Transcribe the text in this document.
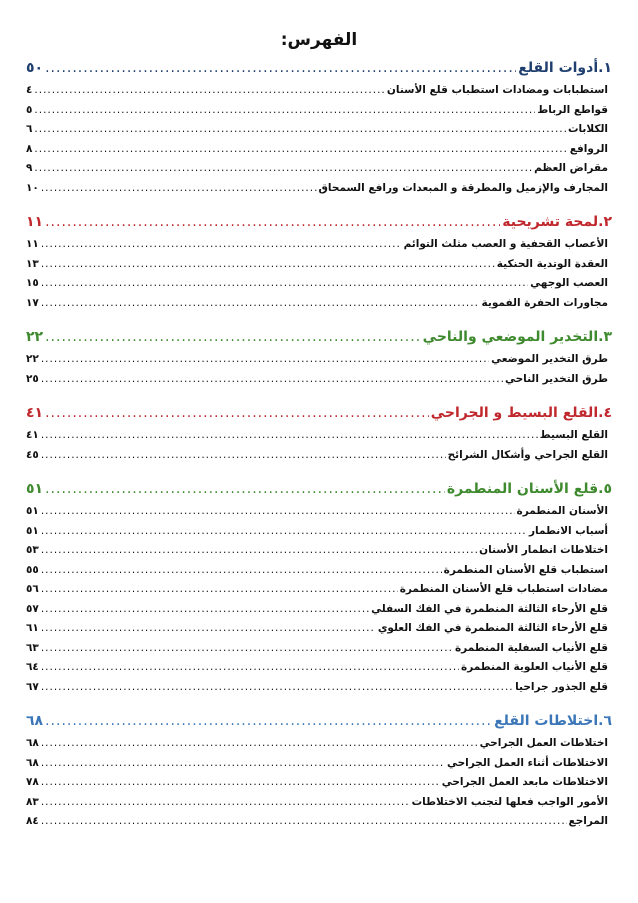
الفهرس:
١.أدوات القلع
.....
٥٠
استطبابات ومضادات استطباب قلع الأسنان
.....
٤
قواطع الرباط
.....
٥
الكلابات
.....
٦
الروافع
.....
٨
مقراض العظم
.....
٩
المجارف والإزميل والمطرقة و المبعدات ورافع السمحاق
.....
١٠
٢.لمحة تشريحية
.....
١١
الأعصاب القحفية و العصب مثلث التوائم
.....
١١
العقدة الوتدية الحنكية
.....
١٣
العصب الوجهي
.....
١٥
مجاورات الحفرة الفموية
.....
١٧
٣.التخدير الموضعي والناحي
.....
٢٢
طرق التخدير الموضعي
.....
٢٢
طرق التخدير الناحي
.....
٢٥
٤.القلع البسيط و الجراحي
.....
٤١
القلع البسيط
.....
٤١
القلع الجراحي وأشكال الشرائح
.....
٤٥
٥.قلع الأسنان المنطمرة
.....
٥١
الأسنان المنطمرة
.....
٥١
أسباب الانطمار
.....
٥١
اختلاطات انطمار الأسنان
.....
٥٣
استطباب قلع الأسنان المنطمرة
.....
٥٥
مضادات استطباب قلع الأسنان المنطمرة
.....
٥٦
قلع الأرحاء الثالثة المنطمرة في الفك السفلي
.....
٥٧
قلع الأرحاء الثالثة المنطمرة في الفك العلوي
.....
٦١
قلع الأنياب السفلية المنطمرة
.....
٦٣
قلع الأنياب العلوية المنطمرة
.....
٦٤
قلع الجذور جراحيا
.....
٦٧
٦.اختلاطات القلع
.....
٦٨
اختلاطات العمل الجراحي
.....
٦٨
الاختلاطات أثناء العمل الجراحي
.....
٦٨
الاختلاطات مابعد العمل الجراحي
.....
٧٨
الأمور الواجب فعلها لتجنب الاختلاطات
.....
٨٣
المراجع
.....
٨٤
